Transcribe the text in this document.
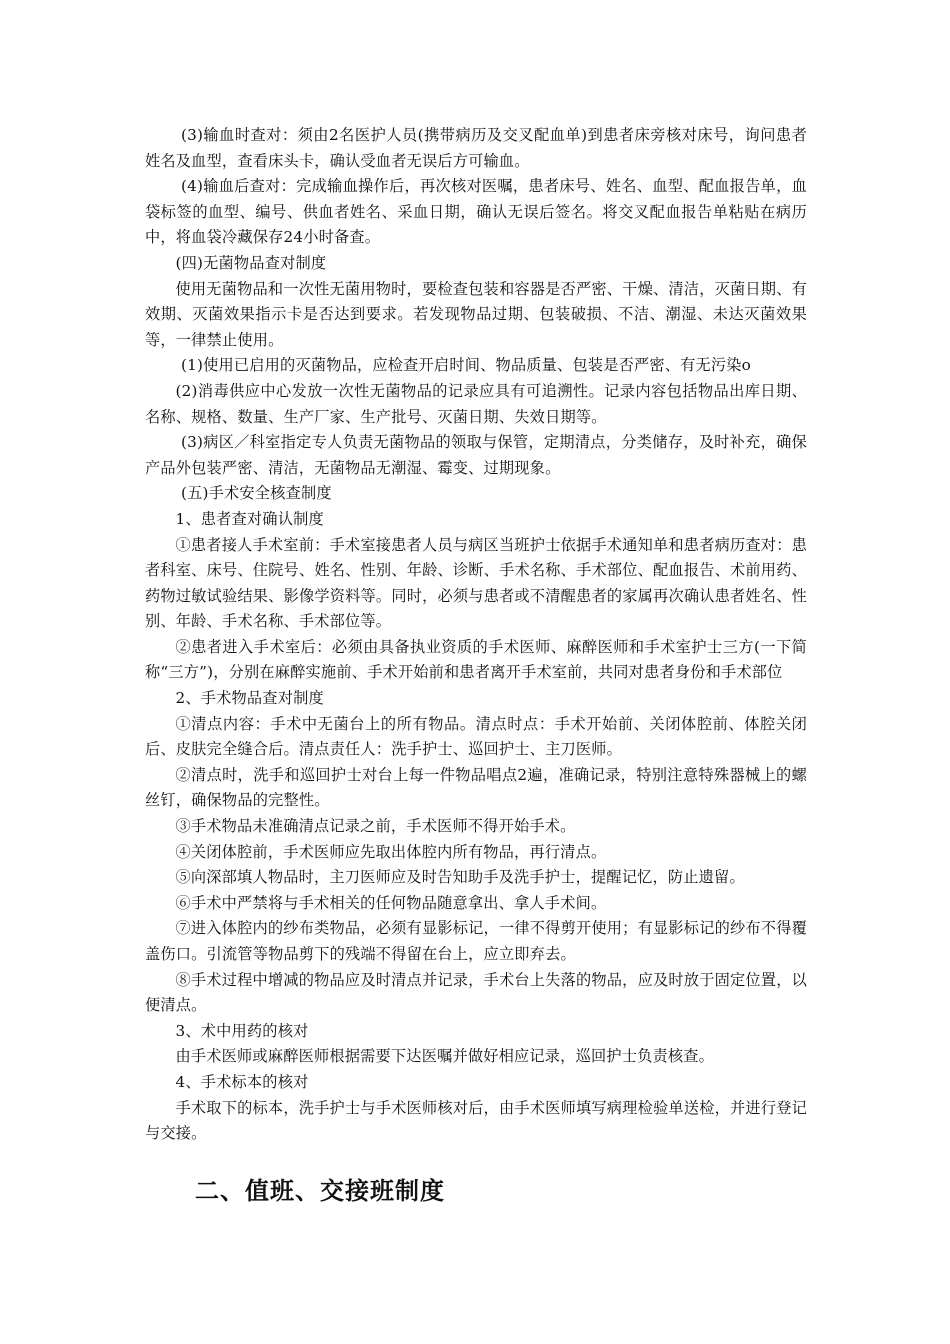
(3)输血时查对：须由2名医护人员(携带病历及交叉配血单)到患者床旁核对床号，询问患者姓名及血型，查看床头卡，确认受血者无误后方可输血。

(4)输血后查对：完成输血操作后，再次核对医嘱，患者床号、姓名、血型、配血报告单，血袋标签的血型、编号、供血者姓名、采血日期，确认无误后签名。将交叉配血报告单粘贴在病历中，将血袋冷藏保存24小时备查。

(四)无菌物品查对制度

使用无菌物品和一次性无菌用物时，要检查包装和容器是否严密、干燥、清洁，灭菌日期、有效期、灭菌效果指示卡是否达到要求。若发现物品过期、包装破损、不洁、潮湿、未达灭菌效果等，一律禁止使用。

(1)使用已启用的灭菌物品，应检查开启时间、物品质量、包装是否严密、有无污染o

(2)消毒供应中心发放一次性无菌物品的记录应具有可追溯性。记录内容包括物品出库日期、名称、规格、数量、生产厂家、生产批号、灭菌日期、失效日期等。

(3)病区／科室指定专人负责无菌物品的领取与保管，定期清点，分类储存，及时补充，确保产品外包装严密、清洁，无菌物品无潮湿、霉变、过期现象。

(五)手术安全核查制度

1、患者查对确认制度

①患者接人手术室前：手术室接患者人员与病区当班护士依据手术通知单和患者病历查对：患者科室、床号、住院号、姓名、性别、年龄、诊断、手术名称、手术部位、配血报告、术前用药、药物过敏试验结果、影像学资料等。同时，必须与患者或不清醒患者的家属再次确认患者姓名、性别、年龄、手术名称、手术部位等。

②患者进入手术室后：必须由具备执业资质的手术医师、麻醉医师和手术室护士三方(一下简称“三方”)，分别在麻醉实施前、手术开始前和患者离开手术室前，共同对患者身份和手术部位

2、手术物品查对制度

①清点内容：手术中无菌台上的所有物品。清点时点：手术开始前、关闭体腔前、体腔关闭后、皮肤完全缝合后。清点责任人：洗手护士、巡回护士、主刀医师。

②清点时，洗手和巡回护士对台上每一件物品唱点2遍，准确记录，特别注意特殊器械上的螺丝钉，确保物品的完整性。

③手术物品未准确清点记录之前，手术医师不得开始手术。

④关闭体腔前，手术医师应先取出体腔内所有物品，再行清点。

⑤向深部填人物品时，主刀医师应及时告知助手及洗手护士，提醒记忆，防止遗留。

⑥手术中严禁将与手术相关的任何物品随意拿出、拿人手术间。

⑦进入体腔内的纱布类物品，必须有显影标记，一律不得剪开使用；有显影标记的纱布不得覆盖伤口。引流管等物品剪下的残端不得留在台上，应立即弃去。

⑧手术过程中增减的物品应及时清点并记录，手术台上失落的物品，应及时放于固定位置，以便清点。

3、术中用药的核对

由手术医师或麻醉医师根据需要下达医嘱并做好相应记录，巡回护士负责核查。

4、手术标本的核对

手术取下的标本，洗手护士与手术医师核对后，由手术医师填写病理检验单送检，并进行登记与交接。

二、值班、交接班制度
